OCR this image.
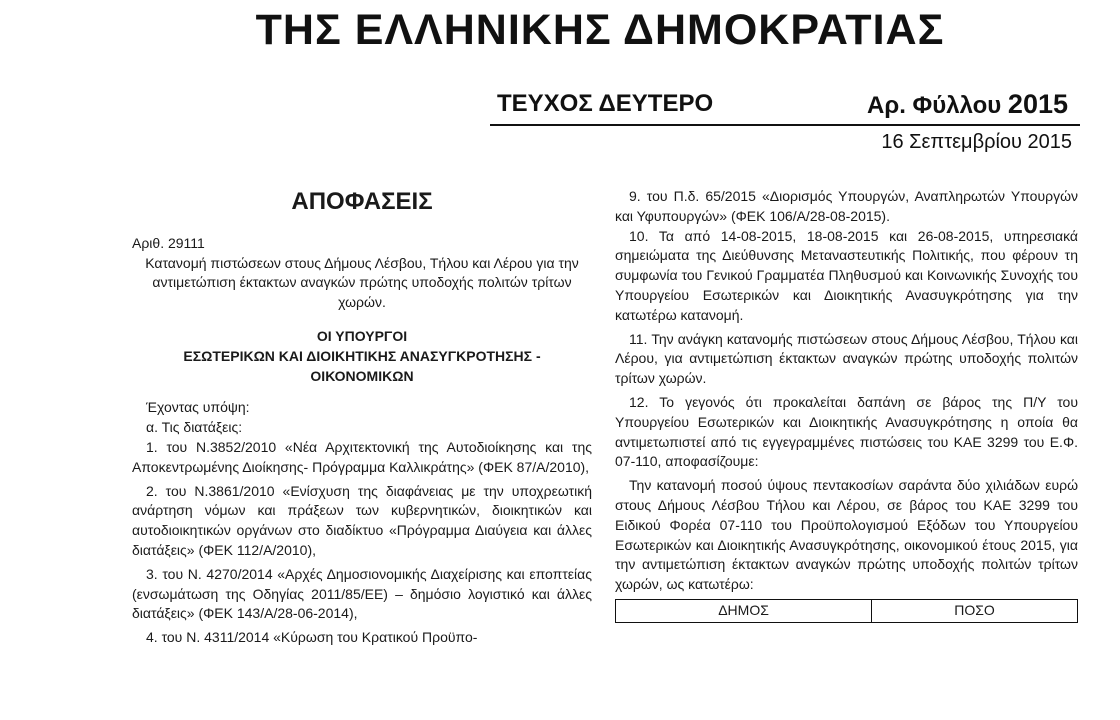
ΤΗΣ ΕΛΛΗΝΙΚΗΣ ΔΗΜΟΚΡΑΤΙΑΣ
ΤΕΥΧΟΣ ΔΕΥΤΕΡΟ	Αρ. Φύλλου 2015
16 Σεπτεμβρίου 2015
ΑΠΟΦΑΣΕΙΣ

Αριθ. 29111

Κατανομή πιστώσεων στους Δήμους Λέσβου, Τήλου και Λέρου για την αντιμετώπιση έκτακτων αναγκών πρώτης υποδοχής πολιτών τρίτων χωρών.

ΟΙ ΥΠΟΥΡΓΟΙ
ΕΣΩΤΕΡΙΚΩΝ ΚΑΙ ΔΙΟΙΚΗΤΙΚΗΣ ΑΝΑΣΥΓΚΡΟΤΗΣΗΣ -
ΟΙΚΟΝΟΜΙΚΩΝ

Έχοντας υπόψη:

α. Τις διατάξεις:

1. του Ν.3852/2010 «Νέα Αρχιτεκτονική της Αυτοδιοίκησης και της Αποκεντρωμένης Διοίκησης- Πρόγραμμα Καλλικράτης» (ΦΕΚ 87/Α/2010),

2. του Ν.3861/2010 «Ενίσχυση της διαφάνειας με την υποχρεωτική ανάρτηση νόμων και πράξεων των κυβερνητικών, διοικητικών και αυτοδιοικητικών οργάνων στο διαδίκτυο «Πρόγραμμα Διαύγεια και άλλες διατάξεις» (ΦΕΚ 112/Α/2010),

3. του Ν. 4270/2014 «Αρχές Δημοσιονομικής Διαχείρισης και εποπτείας (ενσωμάτωση της Οδηγίας 2011/85/ΕΕ) – δημόσιο λογιστικό και άλλες διατάξεις» (ΦΕΚ 143/Α/28-06-2014),

4. του Ν. 4311/2014 «Κύρωση του Κρατικού Προϋπο-

9. του Π.δ. 65/2015 «Διορισμός Υπουργών, Αναπληρωτών Υπουργών και Υφυπουργών» (ΦΕΚ 106/Α/28-08-2015).

10. Τα από 14-08-2015, 18-08-2015 και 26-08-2015, υπηρεσιακά σημειώματα της Διεύθυνσης Μεταναστευτικής Πολιτικής, που φέρουν τη συμφωνία του Γενικού Γραμματέα Πληθυσμού και Κοινωνικής Συνοχής του Υπουργείου Εσωτερικών και Διοικητικής Ανασυγκρότησης για την κατωτέρω κατανομή.

11. Την ανάγκη κατανομής πιστώσεων στους Δήμους Λέσβου, Τήλου και Λέρου, για αντιμετώπιση έκτακτων αναγκών πρώτης υποδοχής πολιτών τρίτων χωρών.

12. Το γεγονός ότι προκαλείται δαπάνη σε βάρος της Π/Υ του Υπουργείου Εσωτερικών και Διοικητικής Ανασυγκρότησης η οποία θα αντιμετωπιστεί από τις εγγεγραμμένες πιστώσεις του ΚΑΕ 3299 του Ε.Φ. 07-110, αποφασίζουμε:

Την κατανομή ποσού ύψους πεντακοσίων σαράντα δύο χιλιάδων ευρώ στους Δήμους Λέσβου Τήλου και Λέρου, σε βάρος του ΚΑΕ 3299 του Ειδικού Φορέα 07-110 του Προϋπολογισμού Εξόδων του Υπουργείου Εσωτερικών και Διοικητικής Ανασυγκρότησης, οικονομικού έτους 2015, για την αντιμετώπιση έκτακτων αναγκών πρώτης υποδοχής πολιτών τρίτων χωρών, ως κατωτέρω:

ΔΗΜΟΣ	ΠΟΣΟ
